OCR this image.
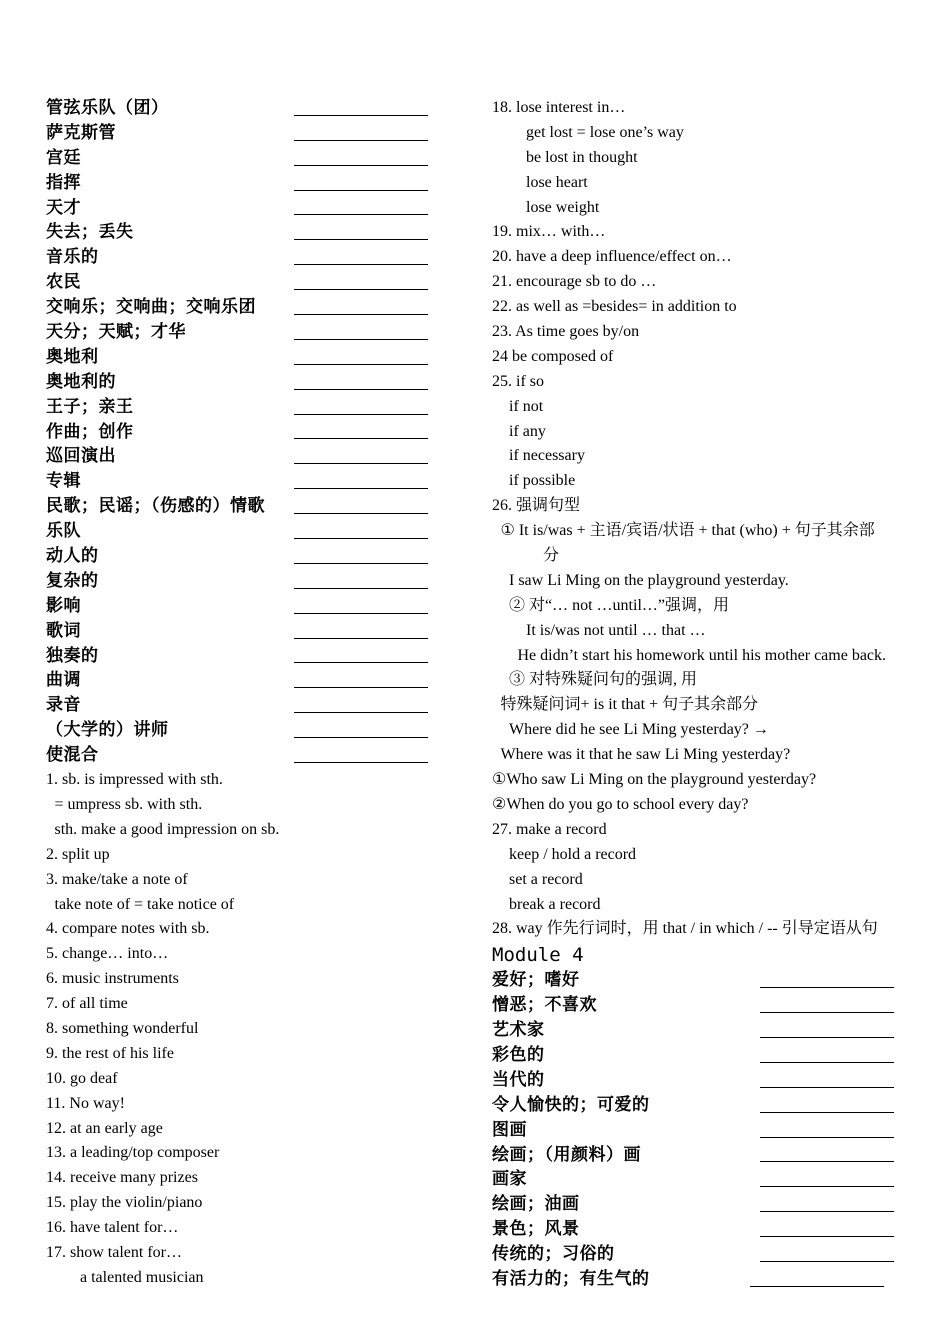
管弦乐队（团）
萨克斯管
宫廷
指挥
天才
失去；丢失
音乐的
农民
交响乐；交响曲；交响乐团
天分；天赋；才华
奥地利
奥地利的
王子；亲王
作曲；创作
巡回演出
专辑
民歌；民谣；（伤感的）情歌
乐队
动人的
复杂的
影响
歌词
独奏的
曲调
录音
（大学的）讲师
使混合
1. sb. is impressed with sth.
= umpress sb. with sth.
sth. make a good impression on sb.
2. split up
3. make/take a note of
take note of = take notice of
4. compare notes with sb.
5. change… into…
6. music instruments
7. of all time
8. something wonderful
9. the rest of his life
10. go deaf
11. No way!
12. at an early age
13. a leading/top composer
14. receive many prizes
15. play the violin/piano
16. have talent for…
17. show talent for…
a talented musician
18. lose interest in…
get lost = lose one’s way
be lost in thought
lose heart
lose weight
19. mix… with…
20. have a deep influence/effect on…
21. encourage sb to do …
22. as well as =besides= in addition to
23. As time goes by/on
24 be composed of
25. if so
if not
if any
if necessary
if possible
26. 强调句型
① It is/was + 主语/宾语/状语 + that (who) + 句子其余部
分
I saw Li Ming on the playground yesterday.
② 对“… not …until…”强调，用
It is/was not until … that …
He didn’t start his homework until his mother came back.
③ 对特殊疑问句的强调, 用
特殊疑问词+ is it that + 句子其余部分
Where did he see Li Ming yesterday? →
Where was it that he saw Li Ming yesterday?
①Who saw Li Ming on the playground yesterday?
②When do you go to school every day?
27. make a record
keep / hold a record
set a record
break a record
28. way 作先行词时，用 that / in which / -- 引导定语从句
Module 4
爱好；嗜好
憎恶；不喜欢
艺术家
彩色的
当代的
令人愉快的；可爱的
图画
绘画；（用颜料）画
画家
绘画；油画
景色；风景
传统的；习俗的
有活力的；有生气的
